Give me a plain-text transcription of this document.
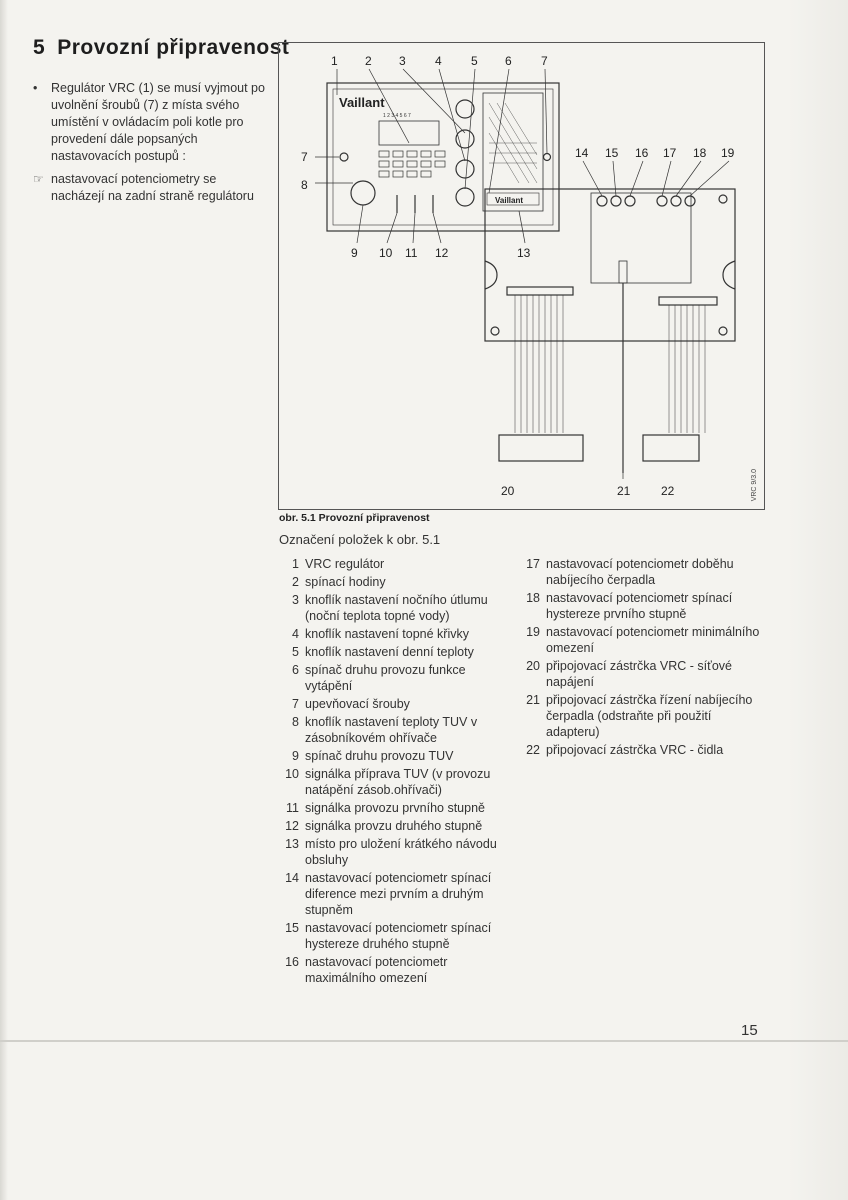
5 Provozní připravenost
•	Regulátor VRC (1) se musí vyjmout po uvolnění šroubů (7) z místa svého umístění v ovládacím poli kotle pro provedení dále popsaných nastavovacích postupů :
☞ nastavovací potenciometry se nacházejí na zadní straně regulátoru
Vaillant
Vaillant
1 2 3 4 5 6 7
1 2 3 4 5 6 7
7
8
9 10 11 12	13
14 15 16 17 18 19
20	21	22	VRC 9/3.0
obr. 5.1 Provozní připravenost
Označení položek k obr. 5.1
1 VRC regulátor
2 spínací hodiny
3 knoflík nastavení nočního útlumu (noční teplota topné vody)
4 knoflík nastavení topné křivky
5 knoflík nastavení denní teploty
6 spínač druhu provozu funkce vytápění
7 upevňovací šrouby
8 knoflík nastavení teploty TUV v zásobníkovém ohřívače
9 spínač druhu provozu TUV
10 signálka příprava TUV (v provozu natápění zásob.ohřívači)
11 signálka provozu prvního stupně
12 signálka provzu druhého stupně
13 místo pro uložení krátkého návodu obsluhy
14 nastavovací potenciometr spínací diference mezi prvním a druhým stupněm
15 nastavovací potenciometr spínací hystereze druhého stupně
16 nastavovací potenciometr maximálního omezení
17 nastavovací potenciometr doběhu nabíjecího čerpadla
18 nastavovací potenciometr spínací hystereze prvního stupně
19 nastavovací potenciometr minimálního omezení
20 připojovací zástrčka VRC - síťové napájení
21 připojovací zástrčka řízení nabíjecího čerpadla (odstraňte při použití adapteru)
22 připojovací zástrčka VRC - čidla
15
